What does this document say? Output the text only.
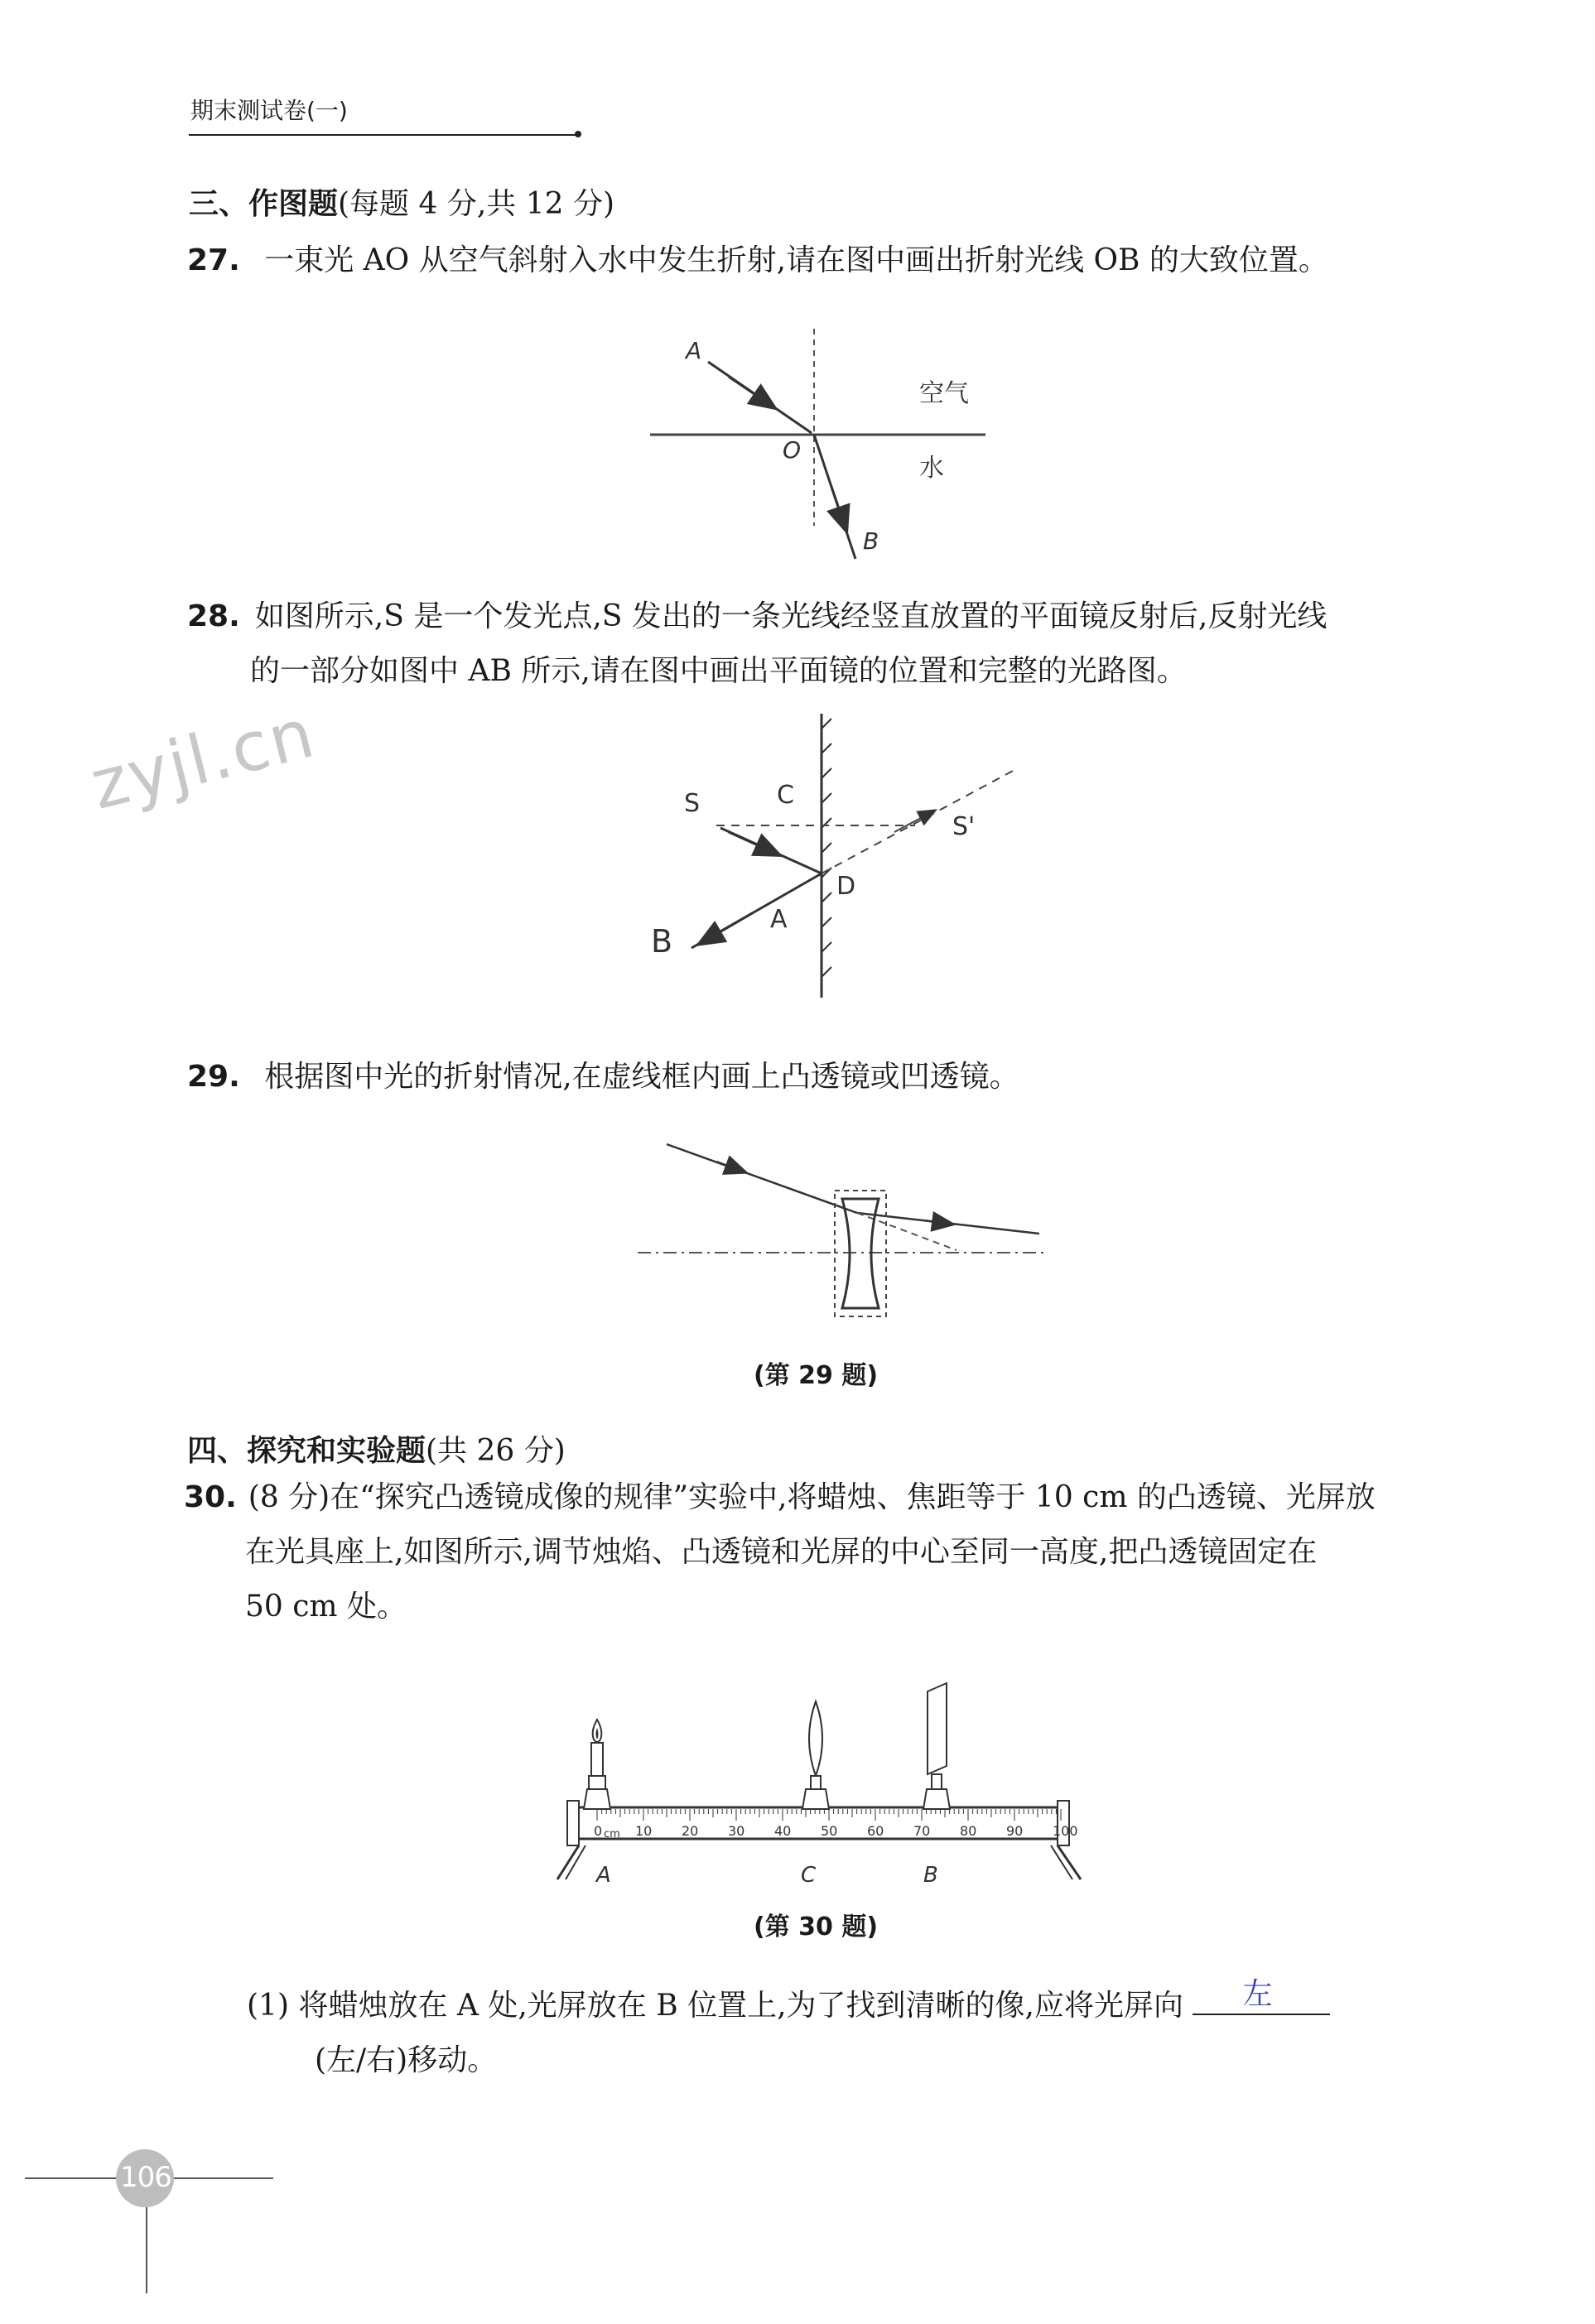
期末测试卷(一)
zyjl.cn
三、作图题(每题 4 分,共 12 分)
27. 一束光 AO 从空气斜射入水中发生折射,请在图中画出折射光线 OB 的大致位置。
A
O
B
空气
水
28. 如图所示,S 是一个发光点,S 发出的一条光线经竖直放置的平面镜反射后,反射光线
的一部分如图中 AB 所示,请在图中画出平面镜的位置和完整的光路图。
S	C
S'
D
A
B
29. 根据图中光的折射情况,在虚线框内画上凸透镜或凹透镜。
(第 29 题)
四、探究和实验题(共 26 分)
30. (8 分)在“探究凸透镜成像的规律”实验中,将蜡烛、焦距等于 10 cm 的凸透镜、光屏放
在光具座上,如图所示,调节烛焰、凸透镜和光屏的中心至同一高度,把凸透镜固定在
50 cm 处。
0 10 20 30 40 50 60 70 80 90 100
cm
A	C	B
(第 30 题)
(1) 将蜡烛放在 A 处,光屏放在 B 位置上,为了找到清晰的像,应将光屏向 左
(左/右)移动。
106
